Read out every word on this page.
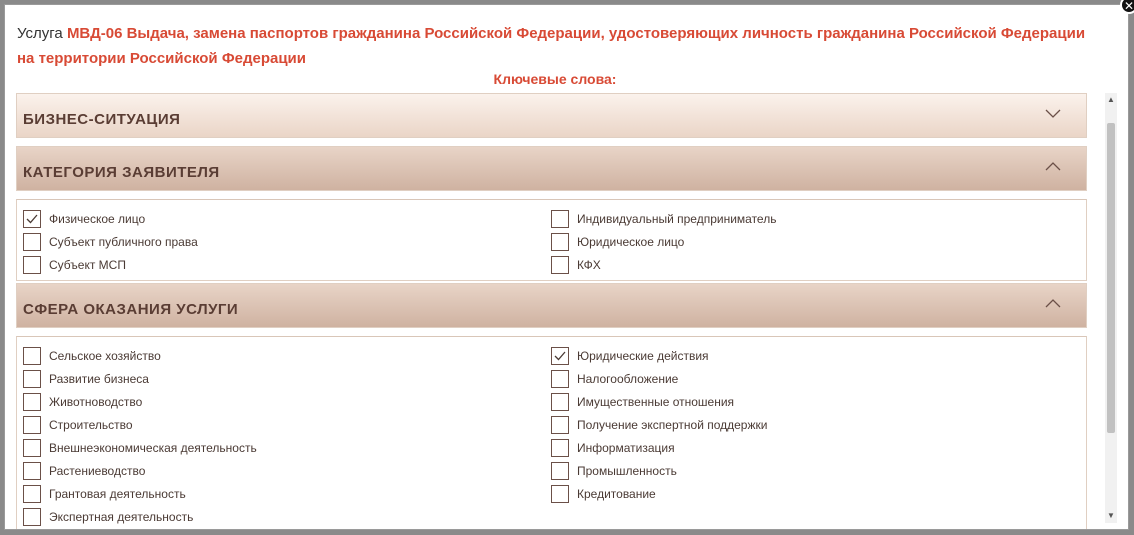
Услуга МВД-06 Выдача, замена паспортов гражданина Российской Федерации, удостоверяющих личность гражданина Российской Федерации на территории Российской Федерации
Ключевые слова:
БИЗНЕС-СИТУАЦИЯ
КАТЕГОРИЯ ЗАЯВИТЕЛЯ
Физическое лицо	Индивидуальный предприниматель
Субъект публичного права	Юридическое лицо
Субъект МСП	КФХ
СФЕРА ОКАЗАНИЯ УСЛУГИ
Сельское хозяйство	Юридические действия
Развитие бизнеса	Налогообложение
Животноводство	Имущественные отношения
Строительство	Получение экспертной поддержки
Внешнеэкономическая деятельность	Информатизация
Растениеводство	Промышленность
Грантовая деятельность	Кредитование
Экспертная деятельность
▲
▼
✕
